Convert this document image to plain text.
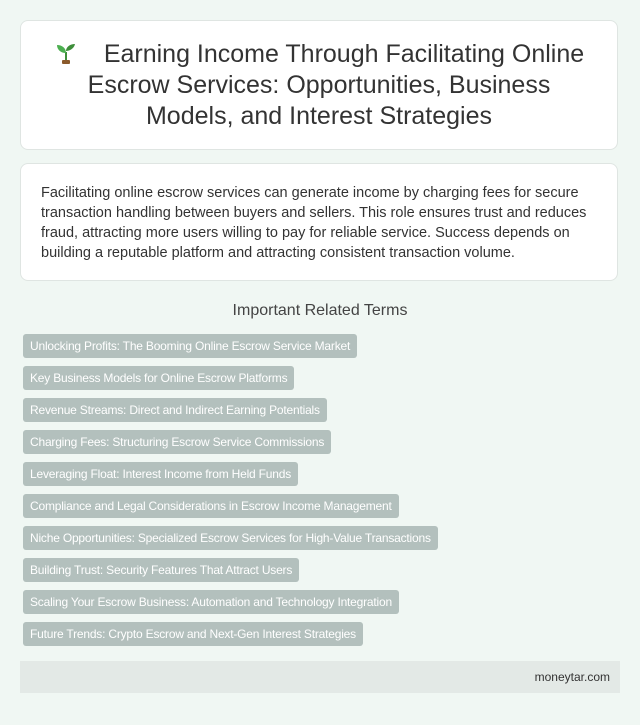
Earning Income Through Facilitating Online Escrow Services: Opportunities, Business Models, and Interest Strategies

Facilitating online escrow services can generate income by charging fees for secure transaction handling between buyers and sellers. This role ensures trust and reduces fraud, attracting more users willing to pay for reliable service. Success depends on building a reputable platform and attracting consistent transaction volume.

Important Related Terms
Unlocking Profits: The Booming Online Escrow Service Market
Key Business Models for Online Escrow Platforms
Revenue Streams: Direct and Indirect Earning Potentials
Charging Fees: Structuring Escrow Service Commissions
Leveraging Float: Interest Income from Held Funds
Compliance and Legal Considerations in Escrow Income Management
Niche Opportunities: Specialized Escrow Services for High-Value Transactions
Building Trust: Security Features That Attract Users
Scaling Your Escrow Business: Automation and Technology Integration
Future Trends: Crypto Escrow and Next-Gen Interest Strategies
moneytar.com
